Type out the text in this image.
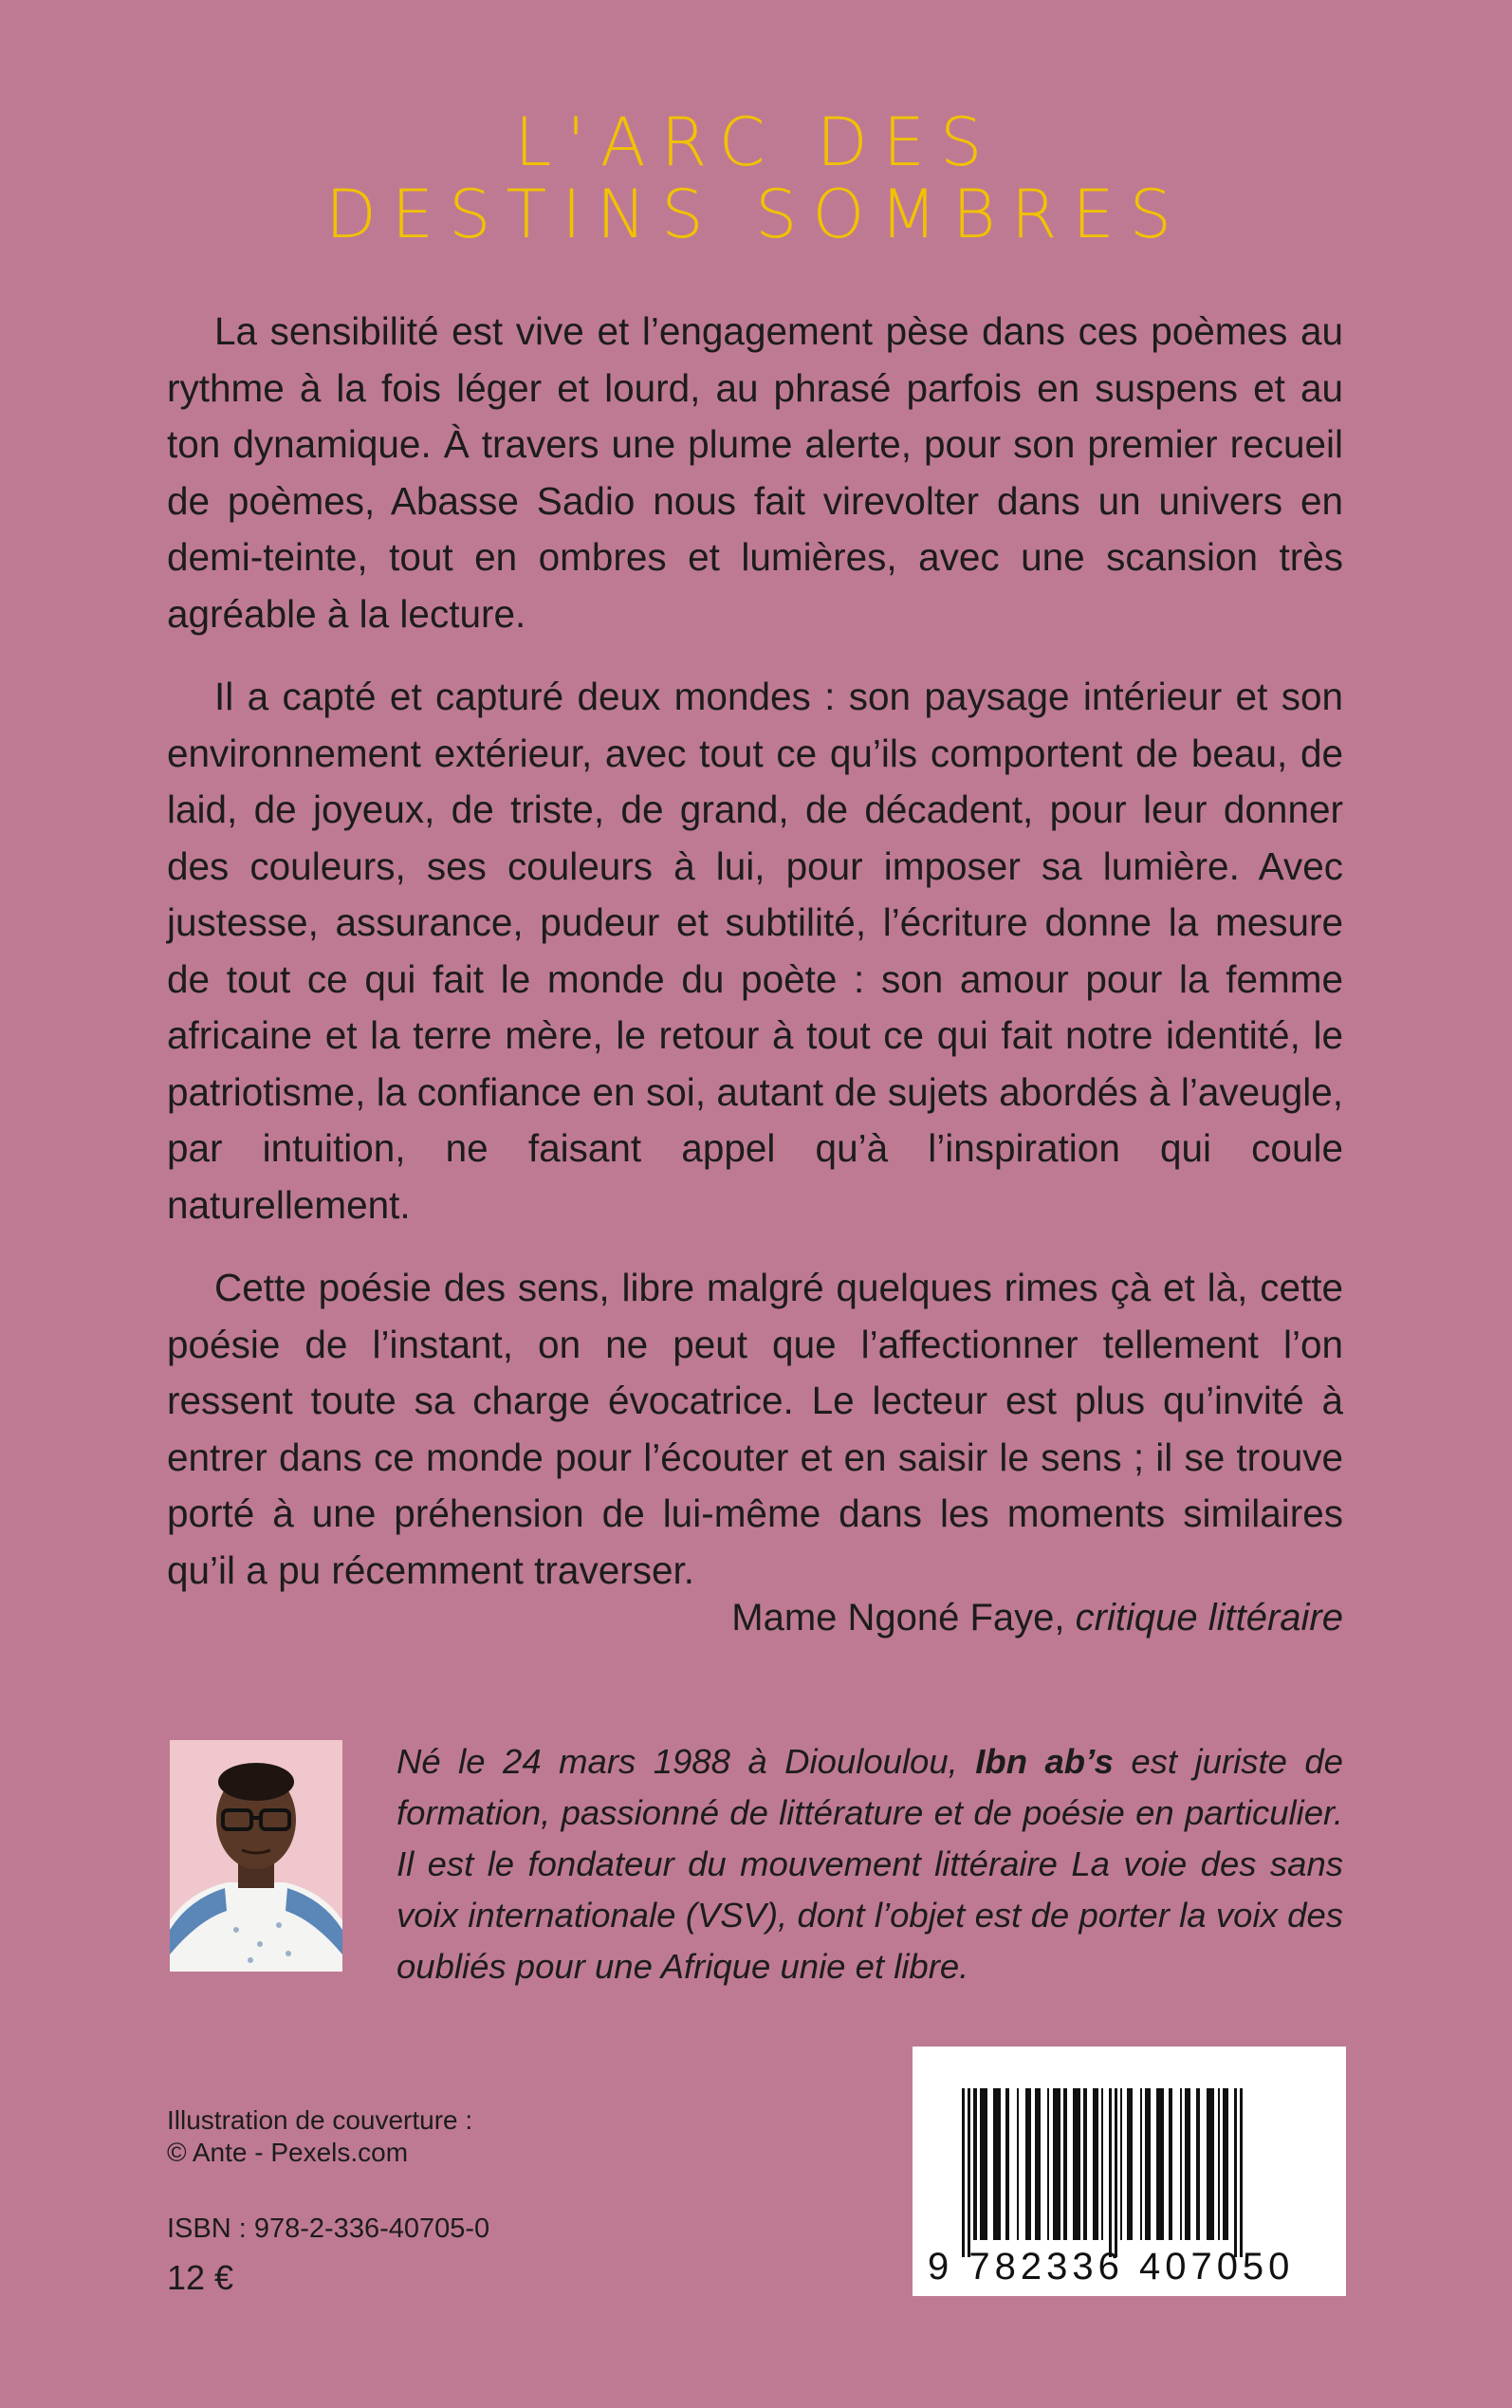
L'ARC DES
DESTINS SOMBRES

La sensibilité est vive et l’engagement pèse dans ces poèmes au rythme à la fois léger et lourd, au phrasé parfois en suspens et au ton dynamique. À travers une plume alerte, pour son premier recueil de poèmes, Abasse Sadio nous fait virevolter dans un univers en demi-teinte, tout en ombres et lumières, avec une scansion très agréable à la lecture.

Il a capté et capturé deux mondes : son paysage intérieur et son environnement extérieur, avec tout ce qu’ils comportent de beau, de laid, de joyeux, de triste, de grand, de décadent, pour leur donner des couleurs, ses couleurs à lui, pour imposer sa lumière. Avec justesse, assurance, pudeur et subtilité, l’écriture donne la mesure de tout ce qui fait le monde du poète : son amour pour la femme africaine et la terre mère, le retour à tout ce qui fait notre identité, le patriotisme, la confiance en soi, autant de sujets abordés à l’aveugle, par intuition, ne faisant appel qu’à l’inspiration qui coule naturellement.

Cette poésie des sens, libre malgré quelques rimes çà et là, cette poésie de l’instant, on ne peut que l’affectionner tellement l’on ressent toute sa charge évocatrice. Le lecteur est plus qu’invité à entrer dans ce monde pour l’écouter et en saisir le sens ; il se trouve porté à une préhension de lui-même dans les moments similaires qu’il a pu récemment traverser.

Mame Ngoné Faye, critique littéraire
Né le 24 mars 1988 à Diouloulou, Ibn ab’s est juriste de formation, passionné de littérature et de poésie en particulier. Il est le fondateur du mouvement littéraire La voie des sans voix internationale (VSV), dont l’objet est de porter la voix des oubliés pour une Afrique unie et libre.
Illustration de couverture :
© Ante - Pexels.com
ISBN : 978-2-336-40705-0
12 €	9 782336 407050
